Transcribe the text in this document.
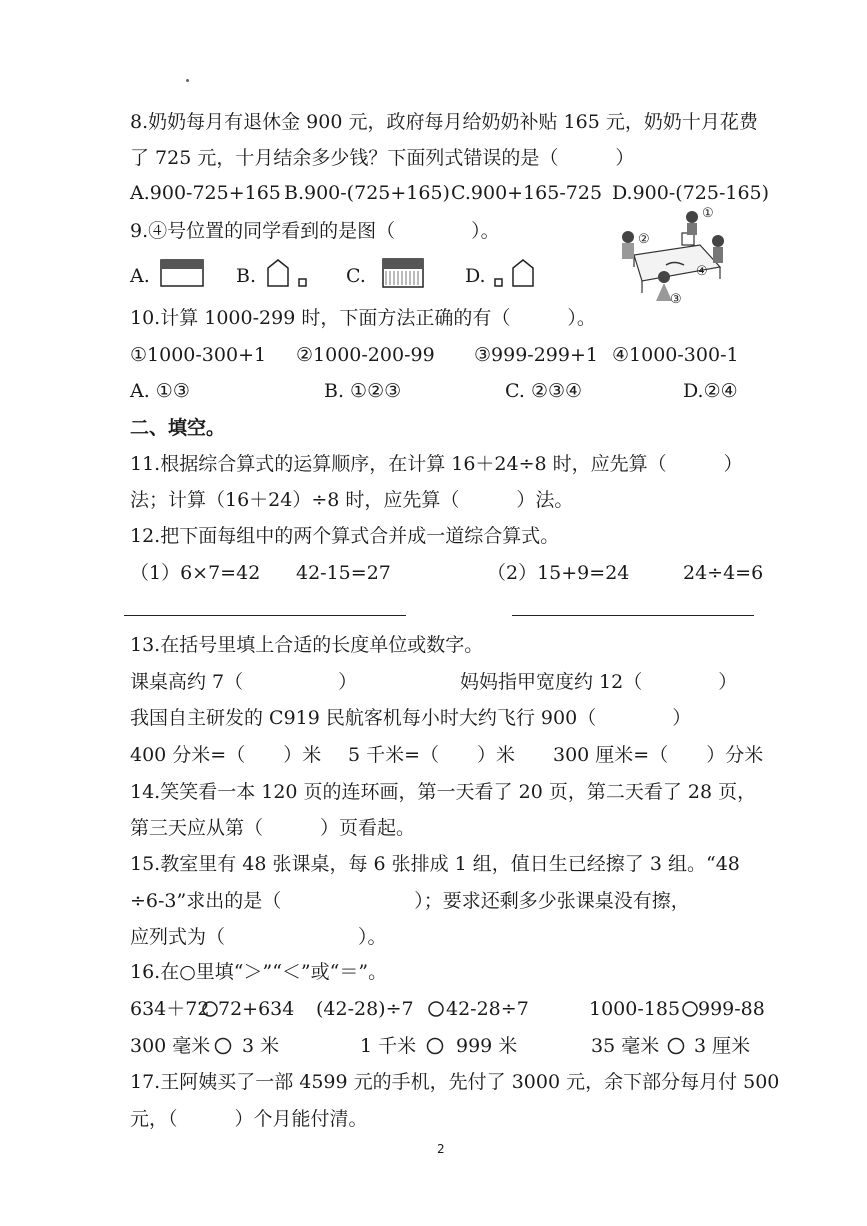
8.奶奶每月有退休金 900 元，政府每月给奶奶补贴 165 元，奶奶十月花费
了 725 元，十月结余多少钱？下面列式错误的是（　　　）
A.900-725+165 B.900-(725+165) C.900+165-725 D.900-(725-165)
9.④号位置的同学看到的是图（　　　　）。
A.	B.	C.	D.
①
②
③
④
10.计算 1000-299 时，下面方法正确的有（　　　）。
①1000-300+1 ②1000-200-99 ③999-299+1 ④1000-300-1
A. ①③	B. ①②③	C. ②③④	D.②④
二、填空。
11.根据综合算式的运算顺序，在计算 16＋24÷8 时，应先算（　　　）
法；计算（16＋24）÷8 时，应先算（　　　）法。
12.把下面每组中的两个算式合并成一道综合算式。
（1）6×7=42 42-15=27	（2）15+9=24	24÷4=6
13.在括号里填上合适的长度单位或数字。
课桌高约 7（　　　　　）	妈妈指甲宽度约 12（　　　　）
我国自主研发的 C919 民航客机每小时大约飞行 900（　　　　）
400 分米=（　　）米 5 千米=（　　）米 300 厘米=（　　）分米
14.笑笑看一本 120 页的连环画，第一天看了 20 页，第二天看了 28 页，
第三天应从第（　　　）页看起。
15.教室里有 48 张课桌，每 6 张排成 1 组，值日生已经擦了 3 组。“48
÷6-3”求出的是（　　　　　　　）；要求还剩多少张课桌没有擦，
应列式为（　　　　　　　）。
16.在○里填“＞”“＜”或“＝”。
634＋72 72+634 (42-28)÷7 42-28÷7	1000-185 999-88
300 毫米 3 米	1 千米 999 米	35 毫米 3 厘米
17.王阿姨买了一部 4599 元的手机，先付了 3000 元，余下部分每月付 500
元，（　　　）个月能付清。
2
